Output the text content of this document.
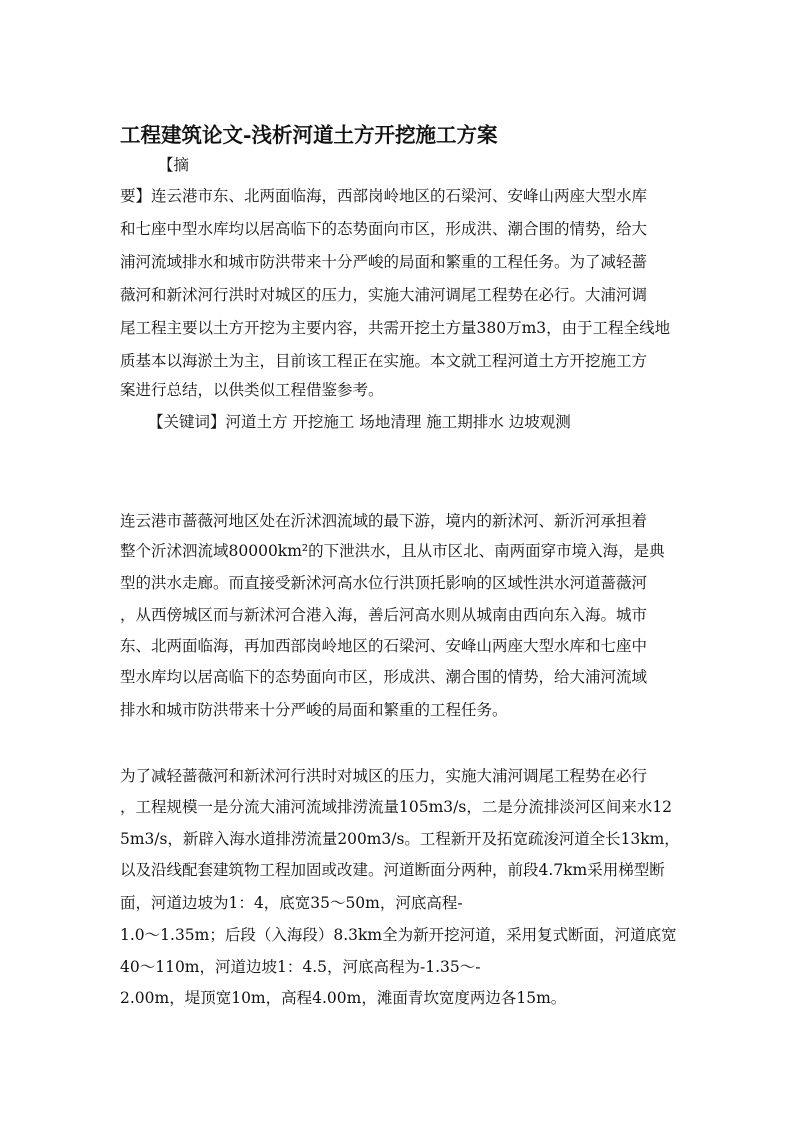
工程建筑论文-浅析河道土方开挖施工方案
【摘
要】连云港市东、北两面临海，西部岗岭地区的石梁河、安峰山两座大型水库
和七座中型水库均以居高临下的态势面向市区，形成洪、潮合围的情势，给大
浦河流域排水和城市防洪带来十分严峻的局面和繁重的工程任务。为了减轻蔷
薇河和新沭河行洪时对城区的压力，实施大浦河调尾工程势在必行。大浦河调
尾工程主要以土方开挖为主要内容，共需开挖土方量380万m3，由于工程全线地
质基本以海淤土为主，目前该工程正在实施。本文就工程河道土方开挖施工方
案进行总结，以供类似工程借鉴参考。
【关键词】河道土方 开挖施工 场地清理 施工期排水 边坡观测
连云港市蔷薇河地区处在沂沭泗流域的最下游，境内的新沭河、新沂河承担着
整个沂沭泗流域80000km²的下泄洪水，且从市区北、南两面穿市境入海，是典
型的洪水走廊。而直接受新沭河高水位行洪顶托影响的区域性洪水河道蔷薇河
，从西傍城区而与新沭河合港入海，善后河高水则从城南由西向东入海。城市
东、北两面临海，再加西部岗岭地区的石梁河、安峰山两座大型水库和七座中
型水库均以居高临下的态势面向市区，形成洪、潮合围的情势，给大浦河流域
排水和城市防洪带来十分严峻的局面和繁重的工程任务。
为了减轻蔷薇河和新沭河行洪时对城区的压力，实施大浦河调尾工程势在必行
，工程规模一是分流大浦河流域排涝流量105m3/s，二是分流排淡河区间来水12
5m3/s，新辟入海水道排涝流量200m3/s。工程新开及拓宽疏浚河道全长13km，
以及沿线配套建筑物工程加固或改建。河道断面分两种，前段4.7km采用梯型断
面，河道边坡为1：4，底宽35～50m，河底高程-
1.0～1.35m；后段（入海段）8.3km全为新开挖河道，采用复式断面，河道底宽
40～110m，河道边坡1：4.5，河底高程为-1.35～-
2.00m，堤顶宽10m，高程4.00m，滩面青坎宽度两边各15m。
